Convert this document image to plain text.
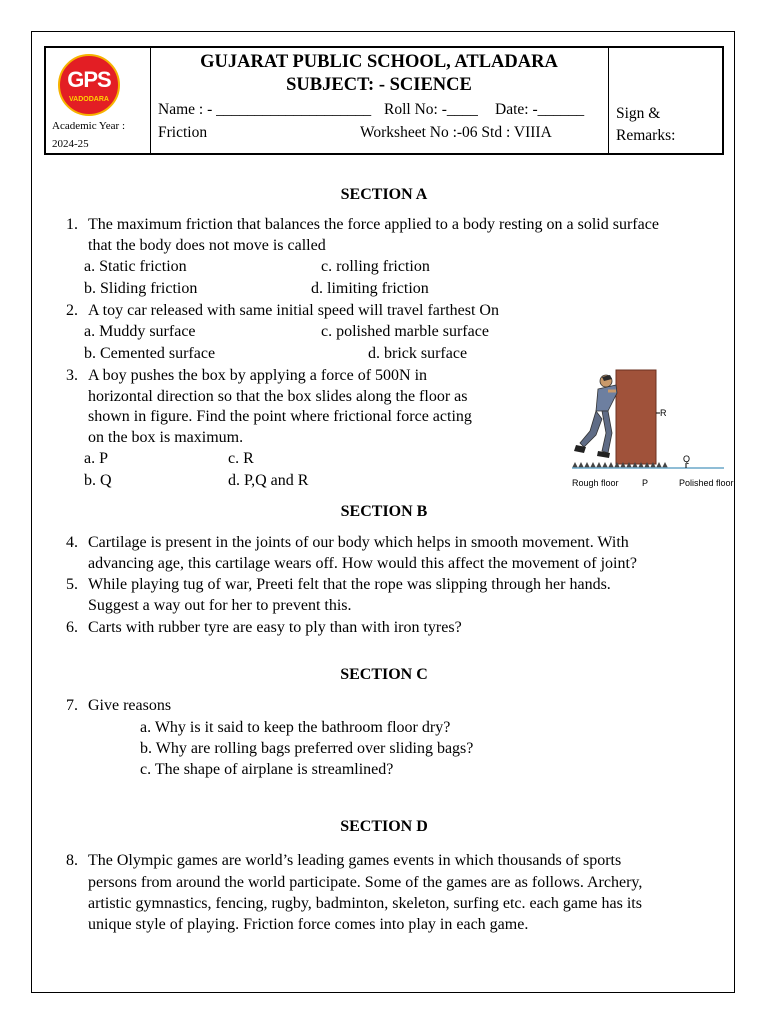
GPS
VADODARA
Academic Year :
2024-25
GUJARAT PUBLIC SCHOOL, ATLADARA
SUBJECT: - SCIENCE
Name : - ____________________ Roll No: -____ Date: -______
Friction	Worksheet No :-06 Std : VIIIA
Sign &
Remarks:
SECTION A
1. The maximum friction that balances the force applied to a body resting on a solid surface
that the body does not move is called
a. Static friction	c. rolling friction
b. Sliding friction	d. limiting friction
2. A toy car released with same initial speed will travel farthest On
a. Muddy surface	c. polished marble surface
b. Cemented surface	d. brick surface
3. A boy pushes the box by applying a force of 500N in
horizontal direction so that the box slides along the floor as
shown in figure. Find the point where frictional force acting
on the box is maximum.
a. P	c. R
b. Q	d. P,Q and R
R
Q
Rough floor	P	Polished floor
SECTION B
4. Cartilage is present in the joints of our body which helps in smooth movement. With
advancing age, this cartilage wears off. How would this affect the movement of joint?
5. While playing tug of war, Preeti felt that the rope was slipping through her hands.
Suggest a way out for her to prevent this.
6. Carts with rubber tyre are easy to ply than with iron tyres?
SECTION C
7. Give reasons
a. Why is it said to keep the bathroom floor dry?
b. Why are rolling bags preferred over sliding bags?
c. The shape of airplane is streamlined?
SECTION D
8. The Olympic games are world’s leading games events in which thousands of sports
persons from around the world participate. Some of the games are as follows. Archery,
artistic gymnastics, fencing, rugby, badminton, skeleton, surfing etc. each game has its
unique style of playing. Friction force comes into play in each game.
